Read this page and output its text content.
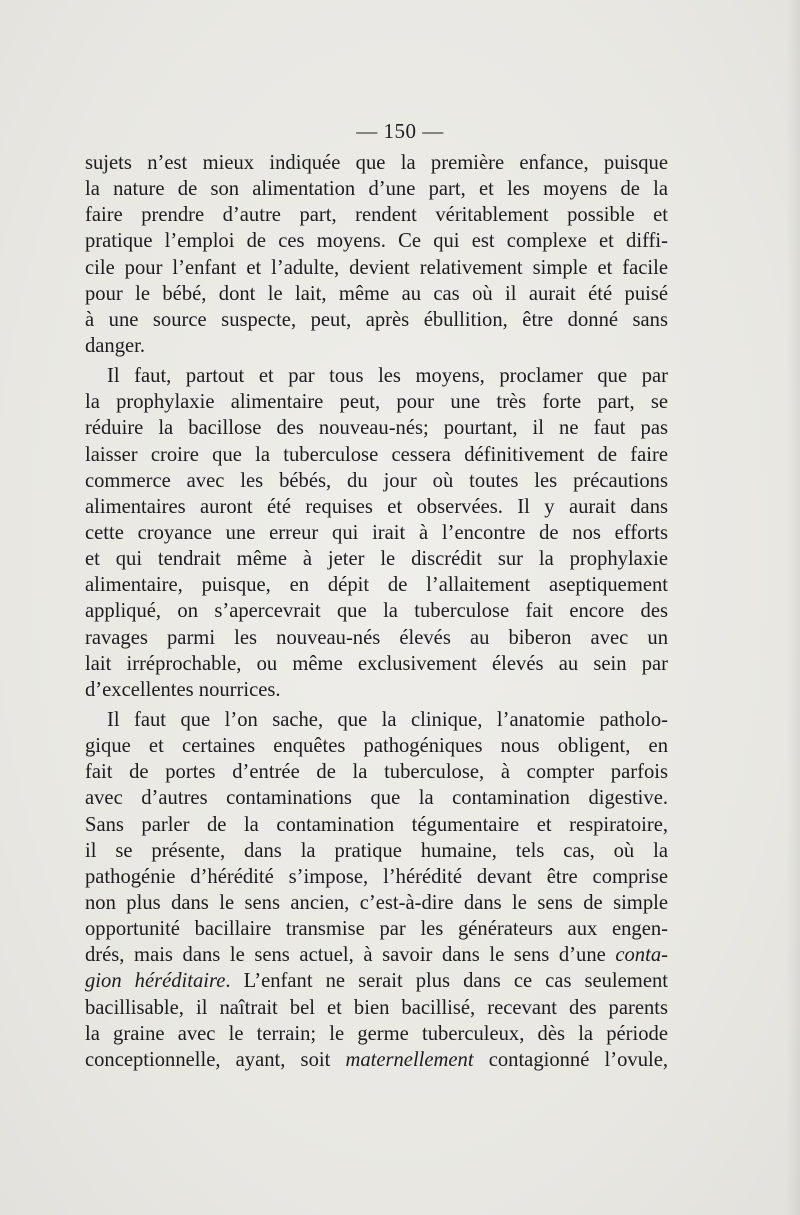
— 150 —
sujets n’est mieux indiquée que la première enfance, puisque
la nature de son alimentation d’une part, et les moyens de la
faire prendre d’autre part, rendent véritablement possible et
pratique l’emploi de ces moyens. Ce qui est complexe et diffi-
cile pour l’enfant et l’adulte, devient relativement simple et facile
pour le bébé, dont le lait, même au cas où il aurait été puisé
à une source suspecte, peut, après ébullition, être donné sans
danger.
Il faut, partout et par tous les moyens, proclamer que par
la prophylaxie alimentaire peut, pour une très forte part, se
réduire la bacillose des nouveau-nés; pourtant, il ne faut pas
laisser croire que la tuberculose cessera définitivement de faire
commerce avec les bébés, du jour où toutes les précautions
alimentaires auront été requises et observées. Il y aurait dans
cette croyance une erreur qui irait à l’encontre de nos efforts
et qui tendrait même à jeter le discrédit sur la prophylaxie
alimentaire, puisque, en dépit de l’allaitement aseptiquement
appliqué, on s’apercevrait que la tuberculose fait encore des
ravages parmi les nouveau-nés élevés au biberon avec un
lait irréprochable, ou même exclusivement élevés au sein par
d’excellentes nourrices.
Il faut que l’on sache, que la clinique, l’anatomie patholo-
gique et certaines enquêtes pathogéniques nous obligent, en
fait de portes d’entrée de la tuberculose, à compter parfois
avec d’autres contaminations que la contamination digestive.
Sans parler de la contamination tégumentaire et respiratoire,
il se présente, dans la pratique humaine, tels cas, où la
pathogénie d’hérédité s’impose, l’hérédité devant être comprise
non plus dans le sens ancien, c’est-à-dire dans le sens de simple
opportunité bacillaire transmise par les générateurs aux engen-
drés, mais dans le sens actuel, à savoir dans le sens d’une conta-
gion héréditaire. L’enfant ne serait plus dans ce cas seulement
bacillisable, il naîtrait bel et bien bacillisé, recevant des parents
la graine avec le terrain; le germe tuberculeux, dès la période
conceptionnelle, ayant, soit maternellement contagionné l’ovule,
